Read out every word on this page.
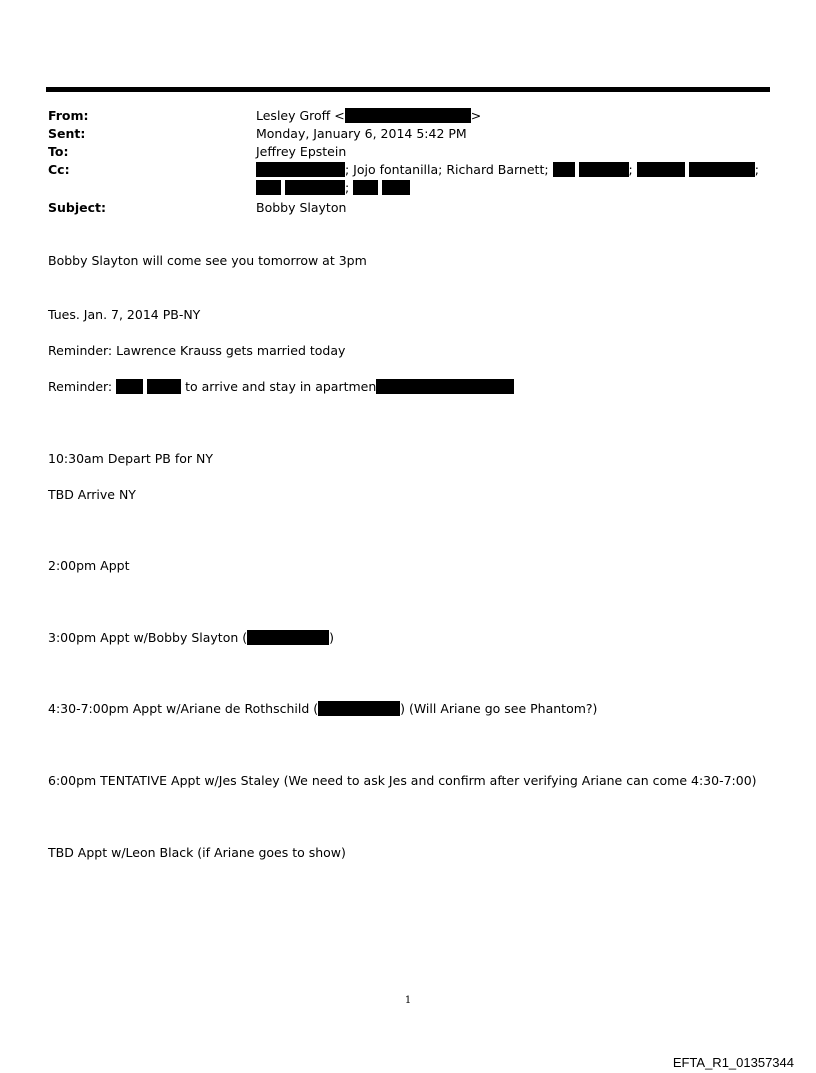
From:	Lesley Groff <	>
Sent:	Monday, January 6, 2014 5:42 PM
To:	Jeffrey Epstein
Cc:	; Jojo fontanilla; Richard Barnett;	;	;
;
Subject:	Bobby Slayton
Bobby Slayton will come see you tomorrow at 3pm
Tues. Jan. 7, 2014 PB-NY
Reminder: Lawrence Krauss gets married today
Reminder:	to arrive and stay in apartmen
10:30am Depart PB for NY
TBD Arrive NY
2:00pm Appt
3:00pm Appt w/Bobby Slayton (	)
4:30-7:00pm Appt w/Ariane de Rothschild (	) (Will Ariane go see Phantom?)
6:00pm TENTATIVE Appt w/Jes Staley (We need to ask Jes and confirm after verifying Ariane can come 4:30-7:00)
TBD Appt w/Leon Black (if Ariane goes to show)
1
EFTA_R1_01357344
